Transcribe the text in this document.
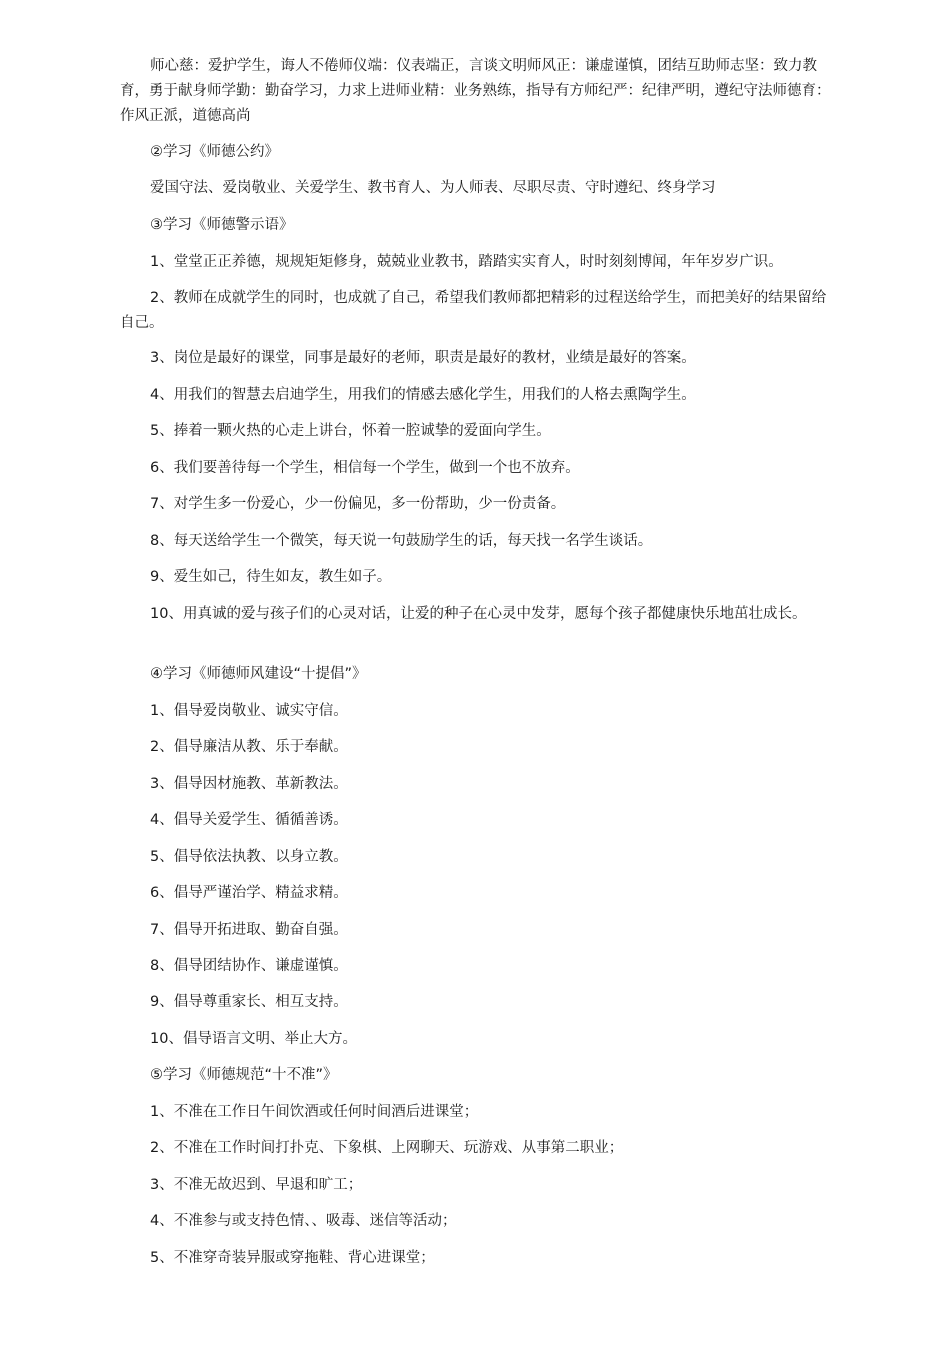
师心慈：爱护学生，诲人不倦师仪端：仪表端正，言谈文明师风正：谦虚谨慎，团结互助师志坚：致力教育，勇于献身师学勤：勤奋学习，力求上进师业精：业务熟练，指导有方师纪严：纪律严明，遵纪守法师德育：作风正派，道德高尚

②学习《师德公约》

爱国守法、爱岗敬业、关爱学生、教书育人、为人师表、尽职尽责、守时遵纪、终身学习

③学习《师德警示语》

1、堂堂正正养德，规规矩矩修身，兢兢业业教书，踏踏实实育人，时时刻刻博闻，年年岁岁广识。

2、教师在成就学生的同时，也成就了自己，希望我们教师都把精彩的过程送给学生，而把美好的结果留给自己。

3、岗位是最好的课堂，同事是最好的老师，职责是最好的教材，业绩是最好的答案。

4、用我们的智慧去启迪学生，用我们的情感去感化学生，用我们的人格去熏陶学生。

5、捧着一颗火热的心走上讲台，怀着一腔诚挚的爱面向学生。

6、我们要善待每一个学生，相信每一个学生，做到一个也不放弃。

7、对学生多一份爱心，少一份偏见，多一份帮助，少一份责备。

8、每天送给学生一个微笑，每天说一句鼓励学生的话，每天找一名学生谈话。

9、爱生如己，待生如友，教生如子。

10、用真诚的爱与孩子们的心灵对话，让爱的种子在心灵中发芽，愿每个孩子都健康快乐地茁壮成长。

④学习《师德师风建设“十提倡”》

1、倡导爱岗敬业、诚实守信。

2、倡导廉洁从教、乐于奉献。

3、倡导因材施教、革新教法。

4、倡导关爱学生、循循善诱。

5、倡导依法执教、以身立教。

6、倡导严谨治学、精益求精。

7、倡导开拓进取、勤奋自强。

8、倡导团结协作、谦虚谨慎。

9、倡导尊重家长、相互支持。

10、倡导语言文明、举止大方。

⑤学习《师德规范“十不准”》

1、不准在工作日午间饮酒或任何时间酒后进课堂；

2、不准在工作时间打扑克、下象棋、上网聊天、玩游戏、从事第二职业；

3、不准无故迟到、早退和旷工；

4、不准参与或支持色情、、吸毒、迷信等活动；

5、不准穿奇装异服或穿拖鞋、背心进课堂；
